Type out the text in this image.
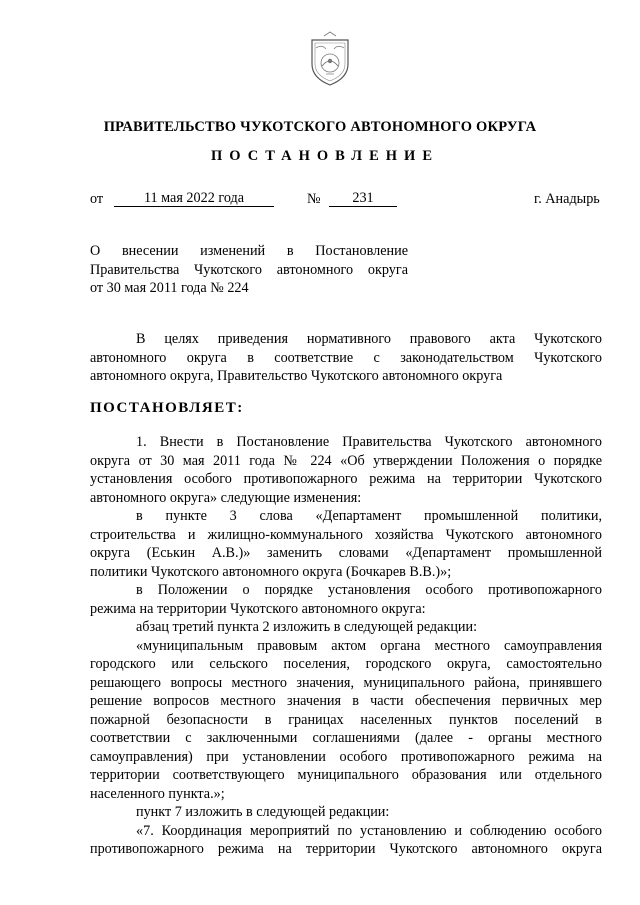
ПРАВИТЕЛЬСТВО ЧУКОТСКОГО АВТОНОМНОГО ОКРУГА
ПОСТАНОВЛЕНИЕ
от	11 мая 2022 года	№	231	г. Анадырь
О внесении изменений в Постановление
Правительства Чукотского автономного округа
от 30 мая 2011 года № 224
В целях приведения нормативного правового акта Чукотского
автономного округа в соответствие с законодательством Чукотского
автономного округа, Правительство Чукотского автономного округа
ПОСТАНОВЛЯЕТ:
1. Внести в Постановление Правительства Чукотского автономного
округа от 30 мая 2011 года № 224 «Об утверждении Положения о порядке
установления особого противопожарного режима на территории Чукотского
автономного округа» следующие изменения:
в пункте 3 слова «Департамент промышленной политики,
строительства и жилищно-коммунального хозяйства Чукотского автономного
округа (Еськин А.В.)» заменить словами «Департамент промышленной
политики Чукотского автономного округа (Бочкарев В.В.)»;
в Положении о порядке установления особого противопожарного
режима на территории Чукотского автономного округа:
абзац третий пункта 2 изложить в следующей редакции:
«муниципальным правовым актом органа местного самоуправления
городского или сельского поселения, городского округа, самостоятельно
решающего вопросы местного значения, муниципального района, принявшего
решение вопросов местного значения в части обеспечения первичных мер
пожарной безопасности в границах населенных пунктов поселений в
соответствии с заключенными соглашениями (далее - органы местного
самоуправления) при установлении особого противопожарного режима на
территории соответствующего муниципального образования или отдельного
населенного пункта.»;
пункт 7 изложить в следующей редакции:
«7. Координация мероприятий по установлению и соблюдению особого
противопожарного режима на территории Чукотского автономного округа
